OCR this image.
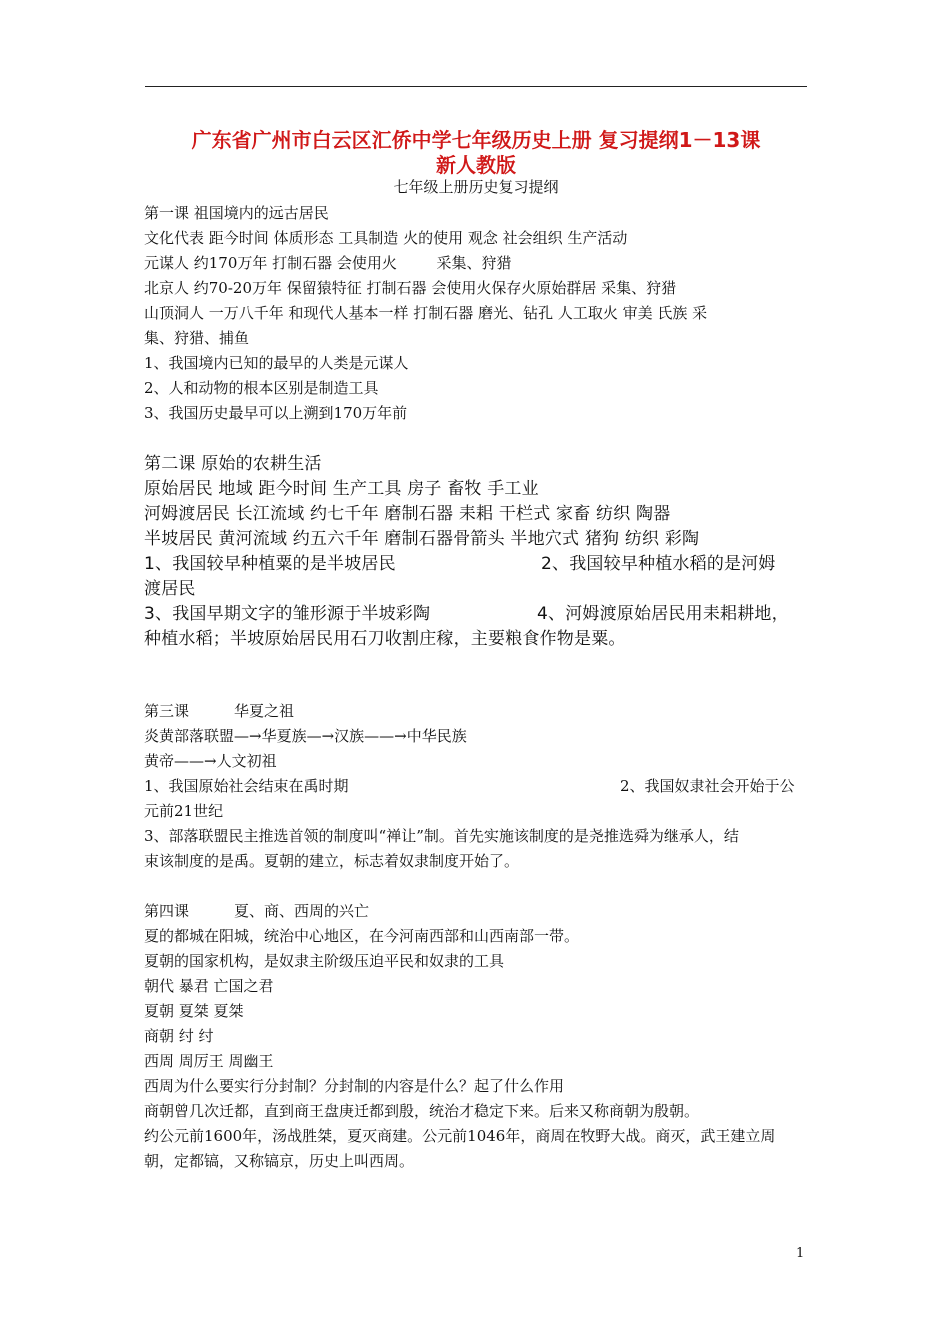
广东省广州市白云区汇侨中学七年级历史上册 复习提纲1－13课
新人教版
七年级上册历史复习提纲
第一课 祖国境内的远古居民
文化代表 距今时间 体质形态 工具制造 火的使用 观念 社会组织 生产活动
元谋人 约170万年 打制石器 会使用火 　　 采集、狩猎
北京人 约70-20万年 保留猿特征 打制石器 会使用火保存火原始群居 采集、狩猎
山顶洞人 一万八千年 和现代人基本一样 打制石器 磨光、钻孔 人工取火 审美 氏族 采
集、狩猎、捕鱼
1、我国境内已知的最早的人类是元谋人
2、人和动物的根本区别是制造工具
3、我国历史最早可以上溯到170万年前
第二课 原始的农耕生活
原始居民 地域 距今时间 生产工具 房子 畜牧 手工业
河姆渡居民 长江流域 约七千年 磨制石器 耒耜 干栏式 家畜 纺织 陶器
半坡居民 黄河流域 约五六千年 磨制石器骨箭头 半地穴式 猪狗 纺织 彩陶
1、我国较早种植粟的是半坡居民	2、我国较早种植水稻的是河姆
渡居民
3、我国早期文字的雏形源于半坡彩陶	4、河姆渡原始居民用耒耜耕地，
种植水稻；半坡原始居民用石刀收割庄稼，主要粮食作物是粟。
第三课　　　华夏之祖
炎黄部落联盟—→华夏族—→汉族——→中华民族
黄帝——→人文初祖
1、我国原始社会结束在禹时期	2、我国奴隶社会开始于公
元前21世纪
3、部落联盟民主推选首领的制度叫“禅让”制。首先实施该制度的是尧推选舜为继承人，结
束该制度的是禹。夏朝的建立，标志着奴隶制度开始了。
第四课　　　夏、商、西周的兴亡
夏的都城在阳城，统治中心地区，在今河南西部和山西南部一带。
夏朝的国家机构，是奴隶主阶级压迫平民和奴隶的工具
朝代 暴君 亡国之君
夏朝 夏桀 夏桀
商朝 纣 纣
西周 周厉王 周幽王
西周为什么要实行分封制？分封制的内容是什么？起了什么作用
商朝曾几次迁都，直到商王盘庚迁都到殷，统治才稳定下来。后来又称商朝为殷朝。
约公元前1600年，汤战胜桀，夏灭商建。公元前1046年，商周在牧野大战。商灭，武王建立周
朝，定都镐，又称镐京，历史上叫西周。
1
